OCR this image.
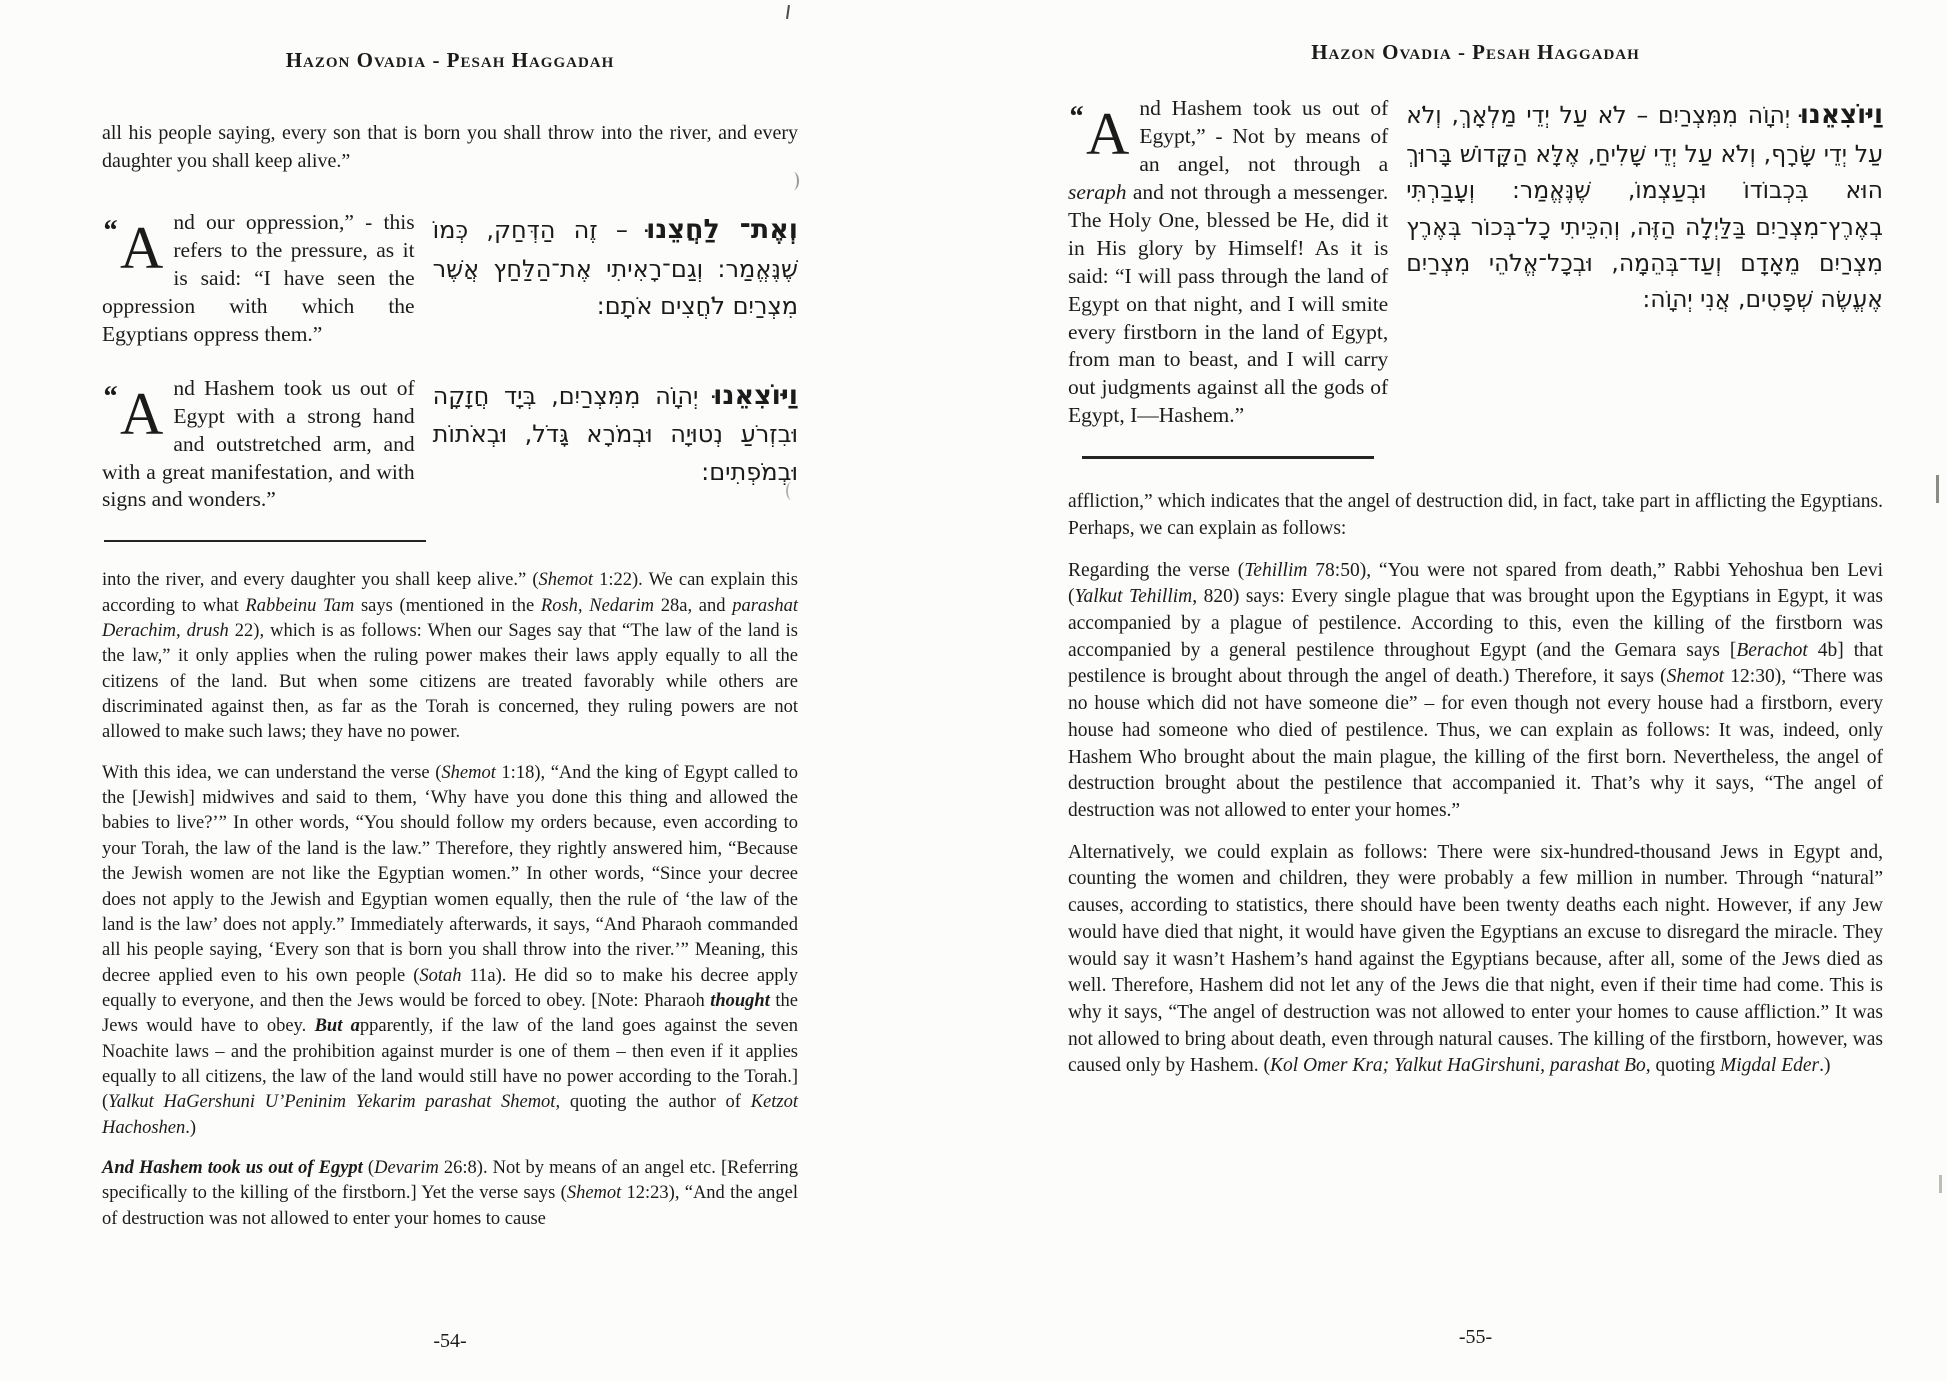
Hazon Ovadia - Pesah Haggadah

all his people saying, every son that is born you shall throw into the river, and every daughter you shall keep alive.”

וְאֶת־ לַחֲצֵנוּ – זֶה הַדְּחַק, כְּמוֹ שֶׁנֶּאֱמַר: וְגַם־רָאִיתִי אֶת־הַלַּחַץ אֲשֶׁר מִצְרַיִם לֹחֲצִים אֹתָם:
“A nd our oppression,” - this refers to the pressure, as it is said: “I have seen the oppression with which the Egyptians oppress them.”
וַיּוֹצִאֵנוּ יְהוָֹה מִמִּצְרַיִם, בְּיָד חֲזָקָה וּבִזְרֹעַ נְטוּיָה וּבְמֹרָא גָּדֹל, וּבְאֹתוֹת וּבְמֹפְתִים:
“A nd Hashem took us out of Egypt with a strong hand and outstretched arm, and with a great manifestation, and with signs and wonders.”

into the river, and every daughter you shall keep alive.” (Shemot 1:22). We can explain this according to what Rabbeinu Tam says (mentioned in the Rosh, Nedarim 28a, and parashat Derachim, drush 22), which is as follows: When our Sages say that “The law of the land is the law,” it only applies when the ruling power makes their laws apply equally to all the citizens of the land. But when some citizens are treated favorably while others are discriminated against then, as far as the Torah is concerned, they ruling powers are not allowed to make such laws; they have no power.

With this idea, we can understand the verse (Shemot 1:18), “And the king of Egypt called to the [Jewish] midwives and said to them, ‘Why have you done this thing and allowed the babies to live?’” In other words, “You should follow my orders because, even according to your Torah, the law of the land is the law.” Therefore, they rightly answered him, “Because the Jewish women are not like the Egyptian women.” In other words, “Since your decree does not apply to the Jewish and Egyptian women equally, then the rule of ‘the law of the land is the law’ does not apply.” Immediately afterwards, it says, “And Pharaoh commanded all his people saying, ‘Every son that is born you shall throw into the river.’” Meaning, this decree applied even to his own people (Sotah 11a). He did so to make his decree apply equally to everyone, and then the Jews would be forced to obey. [Note: Pharaoh thought the Jews would have to obey. But apparently, if the law of the land goes against the seven Noachite laws – and the prohibition against murder is one of them – then even if it applies equally to all citizens, the law of the land would still have no power according to the Torah.] (Yalkut HaGershuni U’Peninim Yekarim parashat Shemot, quoting the author of Ketzot Hachoshen.)

And Hashem took us out of Egypt (Devarim 26:8). Not by means of an angel etc. [Referring specifically to the killing of the firstborn.] Yet the verse says (Shemot 12:23), “And the angel of destruction was not allowed to enter your homes to cause

-54-
Hazon Ovadia - Pesah Haggadah
וַיּוֹצִאֵנוּ יְהוָֹה מִמִּצְרַיִם – לֹא עַל יְדֵי מַלְאָךְ, וְלֹא עַל יְדֵי שָׂרָף, וְלֹא עַל יְדֵי שָׁלִיחַ, אֶלָּא הַקָּדוֹשׁ בָּרוּךְ הוּא בִּכְבוֹדוֹ וּבְעַצְמוֹ, שֶׁנֶּאֱמַר: וְעָבַרְתִּי בְאֶרֶץ־מִצְרַיִם בַּלַּיְלָה הַזֶּה, וְהִכֵּיתִי כָל־בְּכוֹר בְּאֶרֶץ מִצְרַיִם מֵאָדָם וְעַד־בְּהֵמָה, וּבְכָל־אֱלֹהֵי מִצְרַיִם אֶעֱשֶׂה שְׁפָטִים, אֲנִי יְהוָֹה:
“A nd Hashem took us out of Egypt,” - Not by means of an angel, not through a seraph and not through a messenger. The Holy One, blessed be He, did it in His glory by Himself! As it is said: “I will pass through the land of Egypt on that night, and I will smite every firstborn in the land of Egypt, from man to beast, and I will carry out judgments against all the gods of Egypt, I—Hashem.”

affliction,” which indicates that the angel of destruction did, in fact, take part in afflicting the Egyptians. Perhaps, we can explain as follows:

Regarding the verse (Tehillim 78:50), “You were not spared from death,” Rabbi Yehoshua ben Levi (Yalkut Tehillim, 820) says: Every single plague that was brought upon the Egyptians in Egypt, it was accompanied by a plague of pestilence. According to this, even the killing of the firstborn was accompanied by a general pestilence throughout Egypt (and the Gemara says [Berachot 4b] that pestilence is brought about through the angel of death.) Therefore, it says (Shemot 12:30), “There was no house which did not have someone die” – for even though not every house had a firstborn, every house had someone who died of pestilence. Thus, we can explain as follows: It was, indeed, only Hashem Who brought about the main plague, the killing of the first born. Nevertheless, the angel of destruction brought about the pestilence that accompanied it. That’s why it says, “The angel of destruction was not allowed to enter your homes.”

Alternatively, we could explain as follows: There were six-hundred-thousand Jews in Egypt and, counting the women and children, they were probably a few million in number. Through “natural” causes, according to statistics, there should have been twenty deaths each night. However, if any Jew would have died that night, it would have given the Egyptians an excuse to disregard the miracle. They would say it wasn’t Hashem’s hand against the Egyptians because, after all, some of the Jews died as well. Therefore, Hashem did not let any of the Jews die that night, even if their time had come. This is why it says, “The angel of destruction was not allowed to enter your homes to cause affliction.” It was not allowed to bring about death, even through natural causes. The killing of the firstborn, however, was caused only by Hashem. (Kol Omer Kra; Yalkut HaGirshuni, parashat Bo, quoting Migdal Eder.)

-55-
